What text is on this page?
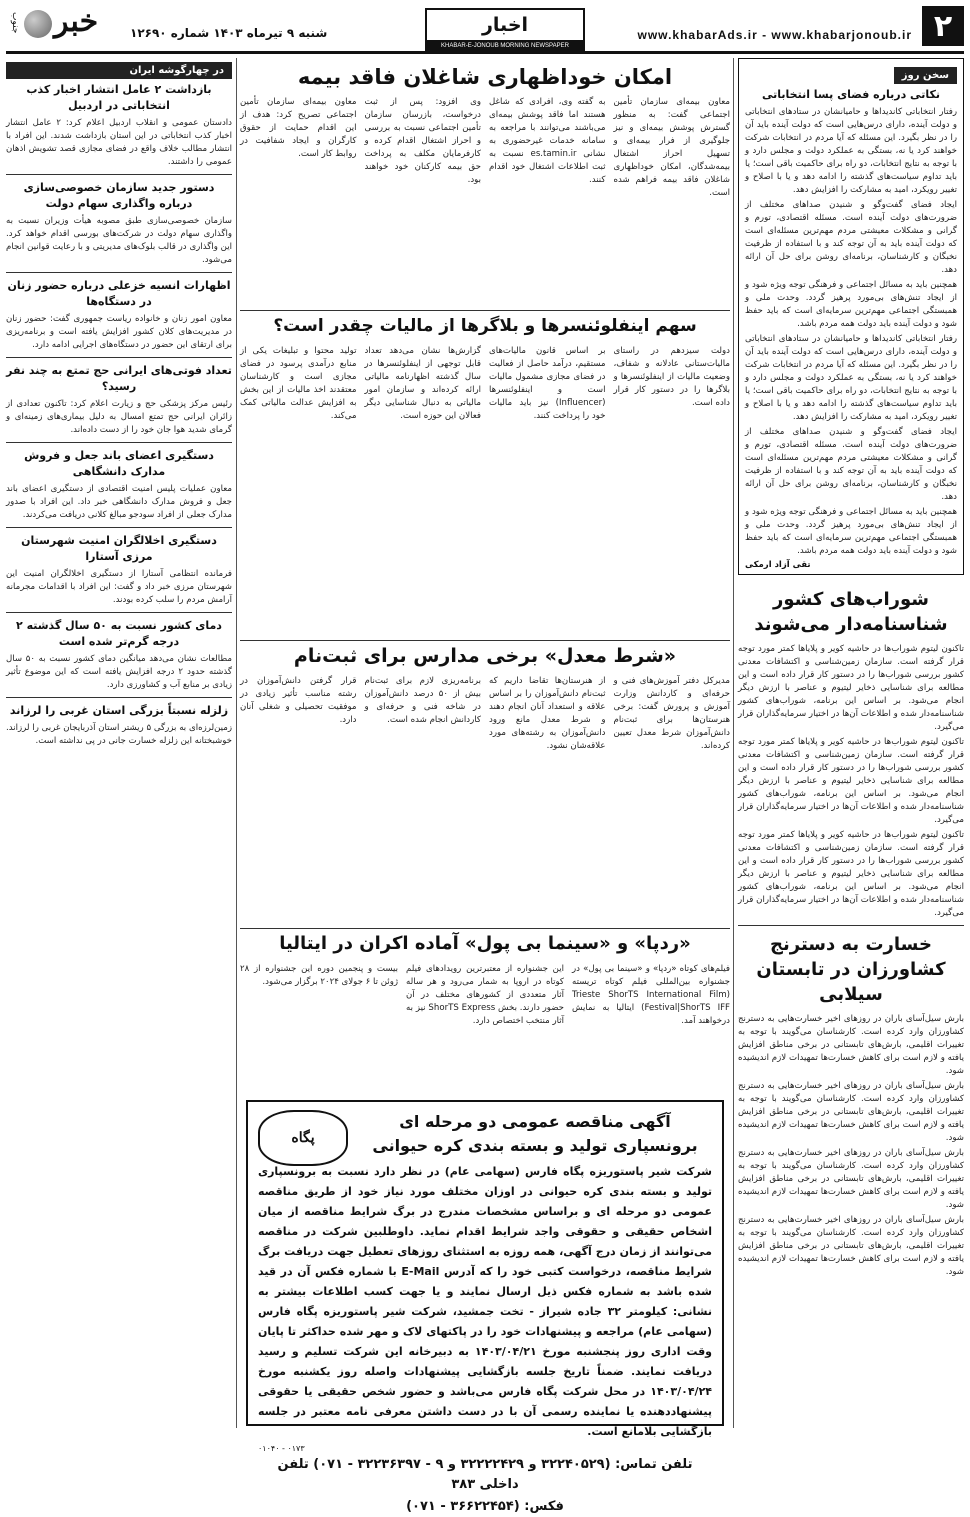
۲
www.khabarAds.ir - www.khabarjonoub.ir
اخبار
KHABAR-E-JONOUB MORNING NEWSPAPER
شنبه ۹ تیرماه ۱۴۰۳ شماره ۱۲۶۹۰
خبر
جنوب
سخن روز
نکاتی درباره فضای پسا انتخاباتی

رفتار انتخاباتی کاندیداها و حامیانشان در ستادهای انتخاباتی و دولت آینده، دارای درس‌هایی است که دولت آینده باید آن را در نظر بگیرد. این مسئله که آیا مردم در انتخابات شرکت خواهند کرد یا نه، بستگی به عملکرد دولت و مجلس دارد و با توجه به نتایج انتخابات، دو راه برای حاکمیت باقی است؛ یا باید تداوم سیاست‌های گذشته را ادامه دهد و یا با اصلاح و تغییر رویکرد، امید به مشارکت را افزایش دهد.

ایجاد فضای گفت‌وگو و شنیدن صداهای مختلف از ضرورت‌های دولت آینده است. مسئله اقتصادی، تورم و گرانی و مشکلات معیشتی مردم مهم‌ترین مسئله‌ای است که دولت آینده باید به آن توجه کند و با استفاده از ظرفیت نخبگان و کارشناسان، برنامه‌ای روشن برای حل آن ارائه دهد.

همچنین باید به مسائل اجتماعی و فرهنگی توجه ویژه شود و از ایجاد تنش‌های بی‌مورد پرهیز گردد. وحدت ملی و همبستگی اجتماعی مهم‌ترین سرمایه‌ای است که باید حفظ شود و دولت آینده باید دولت همه مردم باشد.

رفتار انتخاباتی کاندیداها و حامیانشان در ستادهای انتخاباتی و دولت آینده، دارای درس‌هایی است که دولت آینده باید آن را در نظر بگیرد. این مسئله که آیا مردم در انتخابات شرکت خواهند کرد یا نه، بستگی به عملکرد دولت و مجلس دارد و با توجه به نتایج انتخابات، دو راه برای حاکمیت باقی است؛ یا باید تداوم سیاست‌های گذشته را ادامه دهد و یا با اصلاح و تغییر رویکرد، امید به مشارکت را افزایش دهد.

ایجاد فضای گفت‌وگو و شنیدن صداهای مختلف از ضرورت‌های دولت آینده است. مسئله اقتصادی، تورم و گرانی و مشکلات معیشتی مردم مهم‌ترین مسئله‌ای است که دولت آینده باید به آن توجه کند و با استفاده از ظرفیت نخبگان و کارشناسان، برنامه‌ای روشن برای حل آن ارائه دهد.

همچنین باید به مسائل اجتماعی و فرهنگی توجه ویژه شود و از ایجاد تنش‌های بی‌مورد پرهیز گردد. وحدت ملی و همبستگی اجتماعی مهم‌ترین سرمایه‌ای است که باید حفظ شود و دولت آینده باید دولت همه مردم باشد.

تقی آزاد ارمکی
شوراب‌های کشور شناسنامه‌دار می‌شوند

تاکنون لیتوم شوراب‌ها در حاشیه کویر و پلایاها کمتر مورد توجه قرار گرفته است. سازمان زمین‌شناسی و اکتشافات معدنی کشور بررسی شوراب‌ها را در دستور کار قرار داده است و این مطالعه برای شناسایی ذخایر لیتیوم و عناصر با ارزش دیگر انجام می‌شود. بر اساس این برنامه، شوراب‌های کشور شناسنامه‌دار شده و اطلاعات آن‌ها در اختیار سرمایه‌گذاران قرار می‌گیرد.

تاکنون لیتوم شوراب‌ها در حاشیه کویر و پلایاها کمتر مورد توجه قرار گرفته است. سازمان زمین‌شناسی و اکتشافات معدنی کشور بررسی شوراب‌ها را در دستور کار قرار داده است و این مطالعه برای شناسایی ذخایر لیتیوم و عناصر با ارزش دیگر انجام می‌شود. بر اساس این برنامه، شوراب‌های کشور شناسنامه‌دار شده و اطلاعات آن‌ها در اختیار سرمایه‌گذاران قرار می‌گیرد.

تاکنون لیتوم شوراب‌ها در حاشیه کویر و پلایاها کمتر مورد توجه قرار گرفته است. سازمان زمین‌شناسی و اکتشافات معدنی کشور بررسی شوراب‌ها را در دستور کار قرار داده است و این مطالعه برای شناسایی ذخایر لیتیوم و عناصر با ارزش دیگر انجام می‌شود. بر اساس این برنامه، شوراب‌های کشور شناسنامه‌دار شده و اطلاعات آن‌ها در اختیار سرمایه‌گذاران قرار می‌گیرد.

خسارت به دسترنج کشاورزان در تابستان سیلابی

بارش سیل‌آسای باران در روزهای اخیر خسارت‌هایی به دسترنج کشاورزان وارد کرده است. کارشناسان می‌گویند با توجه به تغییرات اقلیمی، بارش‌های تابستانی در برخی مناطق افزایش یافته و لازم است برای کاهش خسارت‌ها تمهیدات لازم اندیشیده شود.

بارش سیل‌آسای باران در روزهای اخیر خسارت‌هایی به دسترنج کشاورزان وارد کرده است. کارشناسان می‌گویند با توجه به تغییرات اقلیمی، بارش‌های تابستانی در برخی مناطق افزایش یافته و لازم است برای کاهش خسارت‌ها تمهیدات لازم اندیشیده شود.

بارش سیل‌آسای باران در روزهای اخیر خسارت‌هایی به دسترنج کشاورزان وارد کرده است. کارشناسان می‌گویند با توجه به تغییرات اقلیمی، بارش‌های تابستانی در برخی مناطق افزایش یافته و لازم است برای کاهش خسارت‌ها تمهیدات لازم اندیشیده شود.

بارش سیل‌آسای باران در روزهای اخیر خسارت‌هایی به دسترنج کشاورزان وارد کرده است. کارشناسان می‌گویند با توجه به تغییرات اقلیمی، بارش‌های تابستانی در برخی مناطق افزایش یافته و لازم است برای کاهش خسارت‌ها تمهیدات لازم اندیشیده شود.

در چهارگوشه ایران
بازداشت ۲ عامل انتشار اخبار کذب انتخاباتی در اردبیل
دادستان عمومی و انقلاب اردبیل اعلام کرد: ۲ عامل انتشار اخبار کذب انتخاباتی در این استان بازداشت شدند. این افراد با انتشار مطالب خلاف واقع در فضای مجازی قصد تشویش اذهان عمومی را داشتند.
دستور جدید سازمان خصوصی‌سازی درباره واگذاری سهام دولت
سازمان خصوصی‌سازی طبق مصوبه هیأت وزیران نسبت به واگذاری سهام دولت در شرکت‌های بورسی اقدام خواهد کرد. این واگذاری در قالب بلوک‌های مدیریتی و با رعایت قوانین انجام می‌شود.
اظهارات انسیه خزعلی درباره حضور زنان در دستگاه‌ها
معاون امور زنان و خانواده ریاست جمهوری گفت: حضور زنان در مدیریت‌های کلان کشور افزایش یافته است و برنامه‌ریزی برای ارتقای این حضور در دستگاه‌های اجرایی ادامه دارد.
تعداد فوتی‌های ایرانی حج تمتع به چند نفر رسید؟
رئیس مرکز پزشکی حج و زیارت اعلام کرد: تاکنون تعدادی از زائران ایرانی حج تمتع امسال به دلیل بیماری‌های زمینه‌ای و گرمای شدید هوا جان خود را از دست داده‌اند.
دستگیری اعضای باند جعل و فروش مدارک دانشگاهی
معاون عملیات پلیس امنیت اقتصادی از دستگیری اعضای باند جعل و فروش مدارک دانشگاهی خبر داد. این افراد با صدور مدارک جعلی از افراد سودجو مبالغ کلانی دریافت می‌کردند.
دستگیری اخلالگران امنیت شهرستان مرزی آستارا
فرمانده انتظامی آستارا از دستگیری اخلالگران امنیت این شهرستان مرزی خبر داد و گفت: این افراد با اقدامات مجرمانه آرامش مردم را سلب کرده بودند.
دمای کشور نسبت به ۵۰ سال گذشته ۲ درجه گرم‌تر شده است
مطالعات نشان می‌دهد میانگین دمای کشور نسبت به ۵۰ سال گذشته حدود ۲ درجه افزایش یافته است که این موضوع تأثیر زیادی بر منابع آب و کشاورزی دارد.
زلزله نسبتاً بزرگی استان غربی را لرزاند
زمین‌لرزه‌ای به بزرگی ۵ ریشتر استان آذربایجان غربی را لرزاند. خوشبختانه این زلزله خسارت جانی در پی نداشته است.
امکان خوداظهاری شاغلان فاقد بیمه
معاون بیمه‌ای سازمان تأمین اجتماعی گفت: به منظور گسترش پوشش بیمه‌ای و نیز جلوگیری از فرار بیمه‌ای و تسهیل احراز اشتغال بیمه‌شدگان، امکان خوداظهاری شاغلان فاقد بیمه فراهم شده است.
به گفته وی، افرادی که شاغل هستند اما فاقد پوشش بیمه‌ای می‌باشند می‌توانند با مراجعه به سامانه خدمات غیرحضوری به نشانی es.tamin.ir نسبت به ثبت اطلاعات اشتغال خود اقدام کنند.
وی افزود: پس از ثبت درخواست، بازرسان سازمان تأمین اجتماعی نسبت به بررسی و احراز اشتغال اقدام کرده و کارفرمایان مکلف به پرداخت حق بیمه کارکنان خود خواهند بود.
معاون بیمه‌ای سازمان تأمین اجتماعی تصریح کرد: هدف از این اقدام حمایت از حقوق کارگران و ایجاد شفافیت در روابط کار است.
سهم اینفلوئنسرها و بلاگرها از مالیات چقدر است؟
دولت سیزدهم در راستای مالیات‌ستانی عادلانه و شفاف، وضعیت مالیات از اینفلوئنسرها و بلاگرها را در دستور کار قرار داده است.
بر اساس قانون مالیات‌های مستقیم، درآمد حاصل از فعالیت در فضای مجازی مشمول مالیات است و اینفلوئنسرها (Influencer) نیز باید مالیات خود را پرداخت کنند.
گزارش‌ها نشان می‌دهد تعداد قابل توجهی از اینفلوئنسرها در سال گذشته اظهارنامه مالیاتی ارائه کرده‌اند و سازمان امور مالیاتی به دنبال شناسایی دیگر فعالان این حوزه است.
تولید محتوا و تبلیغات یکی از منابع درآمدی پرسود در فضای مجازی است و کارشناسان معتقدند اخذ مالیات از این بخش به افزایش عدالت مالیاتی کمک می‌کند.
«شرط معدل» برخی مدارس برای ثبت‌نام
مدیرکل دفتر آموزش‌های فنی و حرفه‌ای و کاردانش وزارت آموزش و پرورش گفت: برخی هنرستان‌ها برای ثبت‌نام دانش‌آموزان شرط معدل تعیین کرده‌اند.
از هنرستان‌ها تقاضا داریم که ثبت‌نام دانش‌آموزان را بر اساس علاقه و استعداد آنان انجام دهند و شرط معدل مانع ورود دانش‌آموزان به رشته‌های مورد علاقه‌شان نشود.
برنامه‌ریزی لازم برای ثبت‌نام بیش از ۵۰ درصد دانش‌آموزان در شاخه فنی و حرفه‌ای و کاردانش انجام شده است.
قرار گرفتن دانش‌آموزان در رشته مناسب تأثیر زیادی در موفقیت تحصیلی و شغلی آنان دارد.
«ردپا» و «سینما بی پول» آماده اکران در ایتالیا
فیلم‌های کوتاه «ردپا» و «سینما بی پول» در جشنواره بین‌المللی فیلم کوتاه تریسته (Trieste ShorTS International Film Festival|ShorTS IFF) ایتالیا به نمایش درخواهند آمد.
این جشنواره از معتبرترین رویدادهای فیلم کوتاه در اروپا به شمار می‌رود و هر ساله آثار متعددی از کشورهای مختلف در آن حضور دارند. بخش ShorTS Express نیز به آثار منتخب اختصاص دارد.
بیست و پنجمین دوره این جشنواره از ۲۸ ژوئن تا ۶ جولای ۲۰۲۴ برگزار می‌شود.
پگاه
آگهی مناقصه عمومی دو مرحله ای
برونسپاری تولید و بسته بندی کره حیوانی
شرکت شیر پاستوریزه پگاه فارس (سهامی عام) در نظر دارد نسبت به برونسپاری تولید و بسته بندی کره حیوانی در اوزان مختلف مورد نیاز خود از طریق مناقصه عمومی دو مرحله ای و براساس مشخصات مندرج در برگ شرایط مناقصه از میان اشخاص حقیقی و حقوقی واجد شرایط اقدام نماید. داوطلبین شرکت در مناقصه می‌توانند از زمان درج آگهی، همه روزه به استثنای روزهای تعطیل جهت دریافت برگ شرایط مناقصه، درخواست کتبی خود را که آدرس E-Mail با شماره فکس آن در قید شده باشد به شماره فکس ذیل ارسال نمایند و یا جهت کسب اطلاعات بیشتر به نشانی: کیلومتر ۳۲ جاده شیراز - تخت جمشید، شرکت شیر پاستوریزه پگاه فارس (سهامی عام) مراجعه و پیشنهادات خود را در پاکتهای لاک و مهر شده حداکثر تا پایان وقت اداری روز پنجشنبه مورخ ۱۴۰۳/۰۴/۲۱ به دبیرخانه این شرکت تسلیم و رسید دریافت نمایند. ضمناً تاریخ جلسه بازگشایی پیشنهادات واصله روز یکشنبه مورخ ۱۴۰۳/۰۴/۲۴ در محل شرکت پگاه فارس می‌باشد و حضور شخص حقیقی یا حقوقی پیشنهاددهنده یا نماینده رسمی آن با در دست داشتن معرفی نامه معتبر در جلسه بازگشایی بلامانع است.
۰۱۰۴۰ - ۰۱۷۳
تلفن تماس: (۳۲۲۴۰۵۲۹ و ۳۲۲۲۲۴۲۹ و ۹ - ۳۲۲۳۶۳۹۷ - ۰۷۱) تلفن داخلی ۳۸۳
فکس: (۳۶۶۲۲۴۵۴ - ۰۷۱)
